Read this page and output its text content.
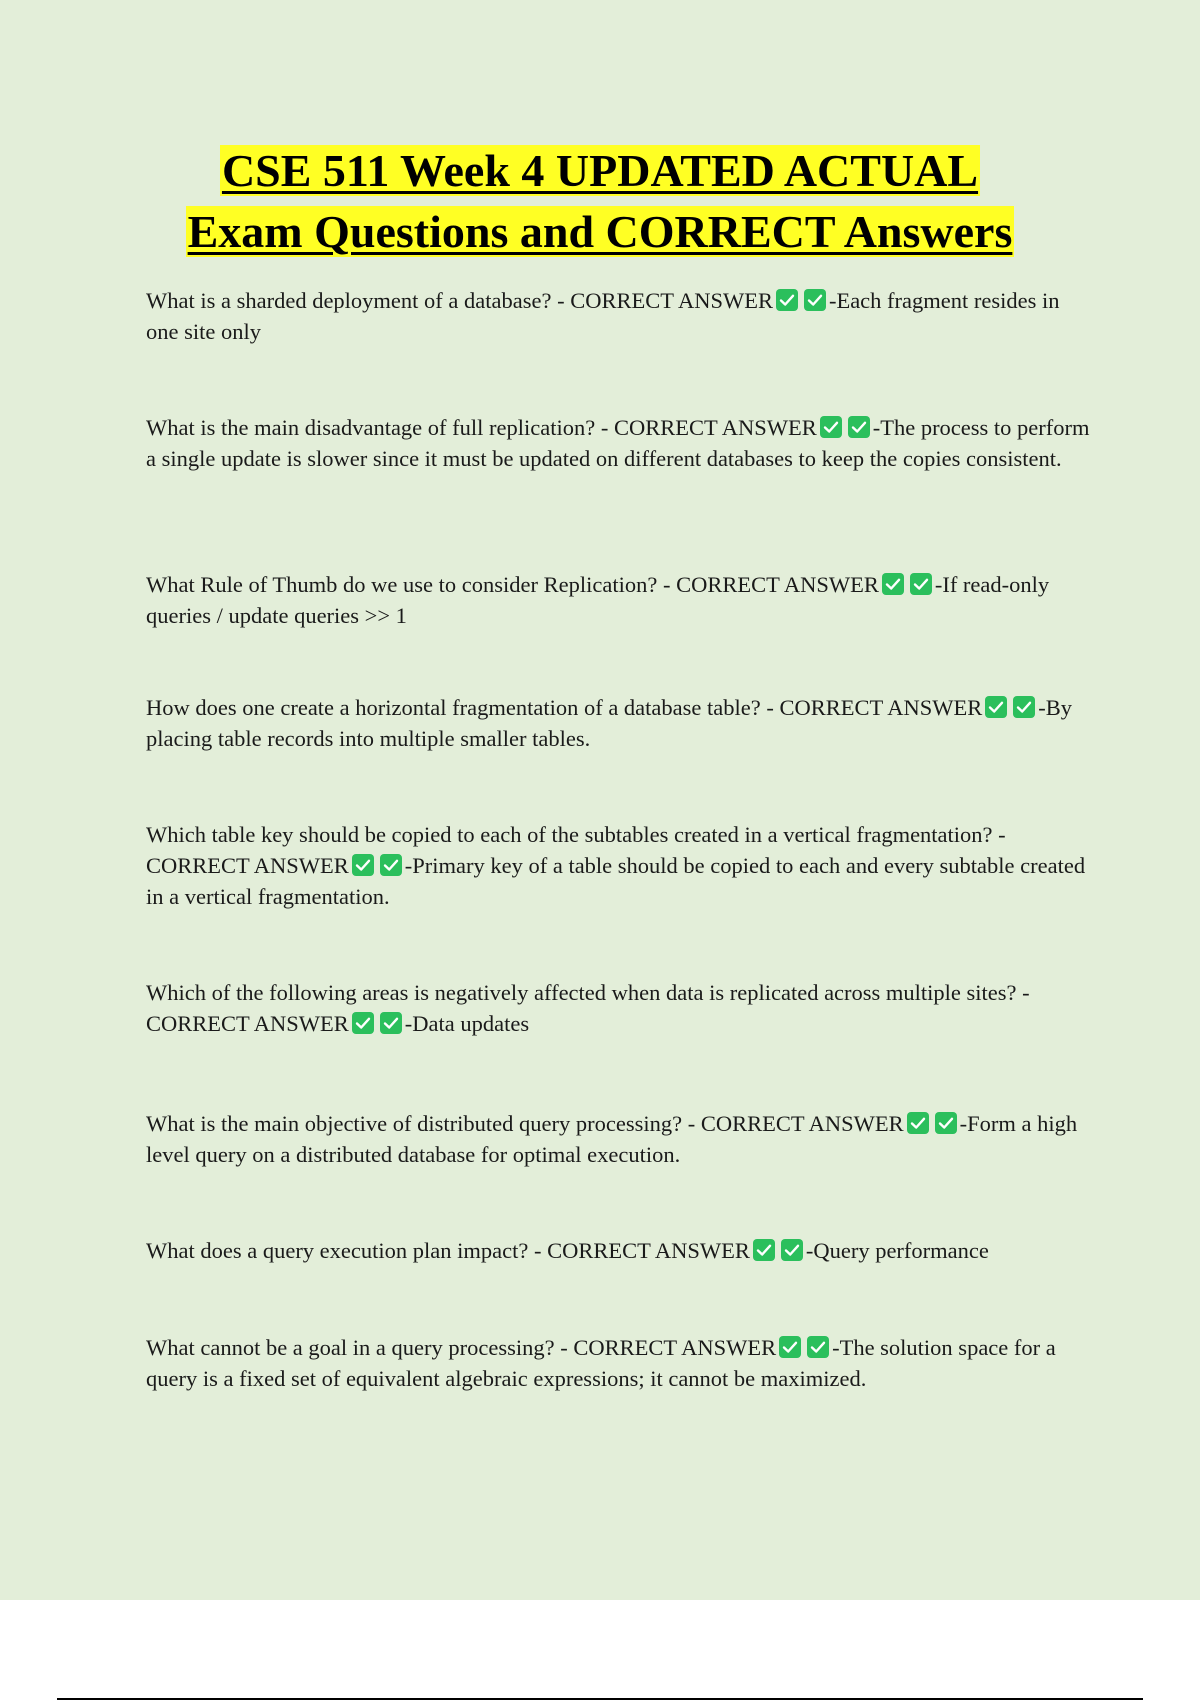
CSE 511 Week 4 UPDATED ACTUAL
Exam Questions and CORRECT Answers

What is a sharded deployment of a database? - CORRECT ANSWER -Each fragment resides in one site only

What is the main disadvantage of full replication? - CORRECT ANSWER -The process to perform a single update is slower since it must be updated on different databases to keep the copies consistent.

What Rule of Thumb do we use to consider Replication? - CORRECT ANSWER -If read-only queries / update queries >> 1

How does one create a horizontal fragmentation of a database table? - CORRECT ANSWER -By placing table records into multiple smaller tables.

Which table key should be copied to each of the subtables created in a vertical fragmentation? - CORRECT ANSWER -Primary key of a table should be copied to each and every subtable created in a vertical fragmentation.

Which of the following areas is negatively affected when data is replicated across multiple sites? - CORRECT ANSWER -Data updates

What is the main objective of distributed query processing? - CORRECT ANSWER -Form a high level query on a distributed database for optimal execution.

What does a query execution plan impact? - CORRECT ANSWER -Query performance

What cannot be a goal in a query processing? - CORRECT ANSWER -The solution space for a query is a fixed set of equivalent algebraic expressions; it cannot be maximized.
